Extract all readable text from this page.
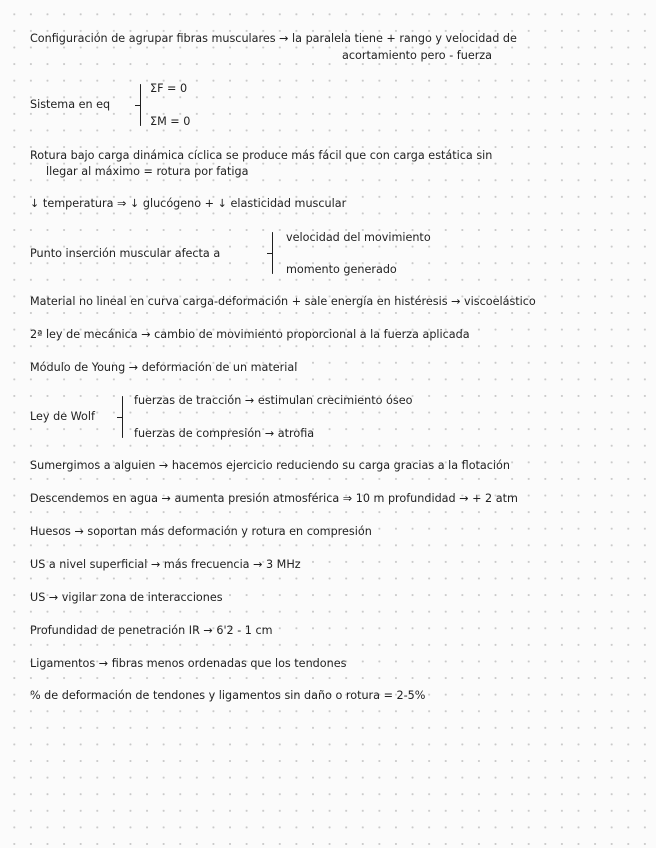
Configuración de agrupar fibras musculares → la paralela tiene + rango y velocidad de
acortamiento pero - fuerza
Sistema en eq
ΣF = 0
ΣM = 0
Rotura bajo carga dinámica cíclica se produce más fácil que con carga estática sin
llegar al máximo = rotura por fatiga
↓ temperatura ⇒ ↓ glucógeno + ↓ elasticidad muscular
Punto inserción muscular afecta a
velocidad del movimiento
momento generado
Material no lineal en curva carga-deformación + sale energía en histéresis → viscoelástico
2ª ley de mecánica → cambio de movimiento proporcional a la fuerza aplicada
Módulo de Young → deformación de un material
Ley de Wolf
fuerzas de tracción → estimulan crecimiento óseo
fuerzas de compresión → atrofia
Sumergimos a alguien → hacemos ejercicio reduciendo su carga gracias a la flotación
Descendemos en agua → aumenta presión atmosférica ⇒ 10 m profundidad → + 2 atm
Huesos → soportan más deformación y rotura en compresión
US a nivel superficial → más frecuencia → 3 MHz
US → vigilar zona de interacciones
Profundidad de penetración IR → 6'2 - 1 cm
Ligamentos → fibras menos ordenadas que los tendones
% de deformación de tendones y ligamentos sin daño o rotura = 2-5%
